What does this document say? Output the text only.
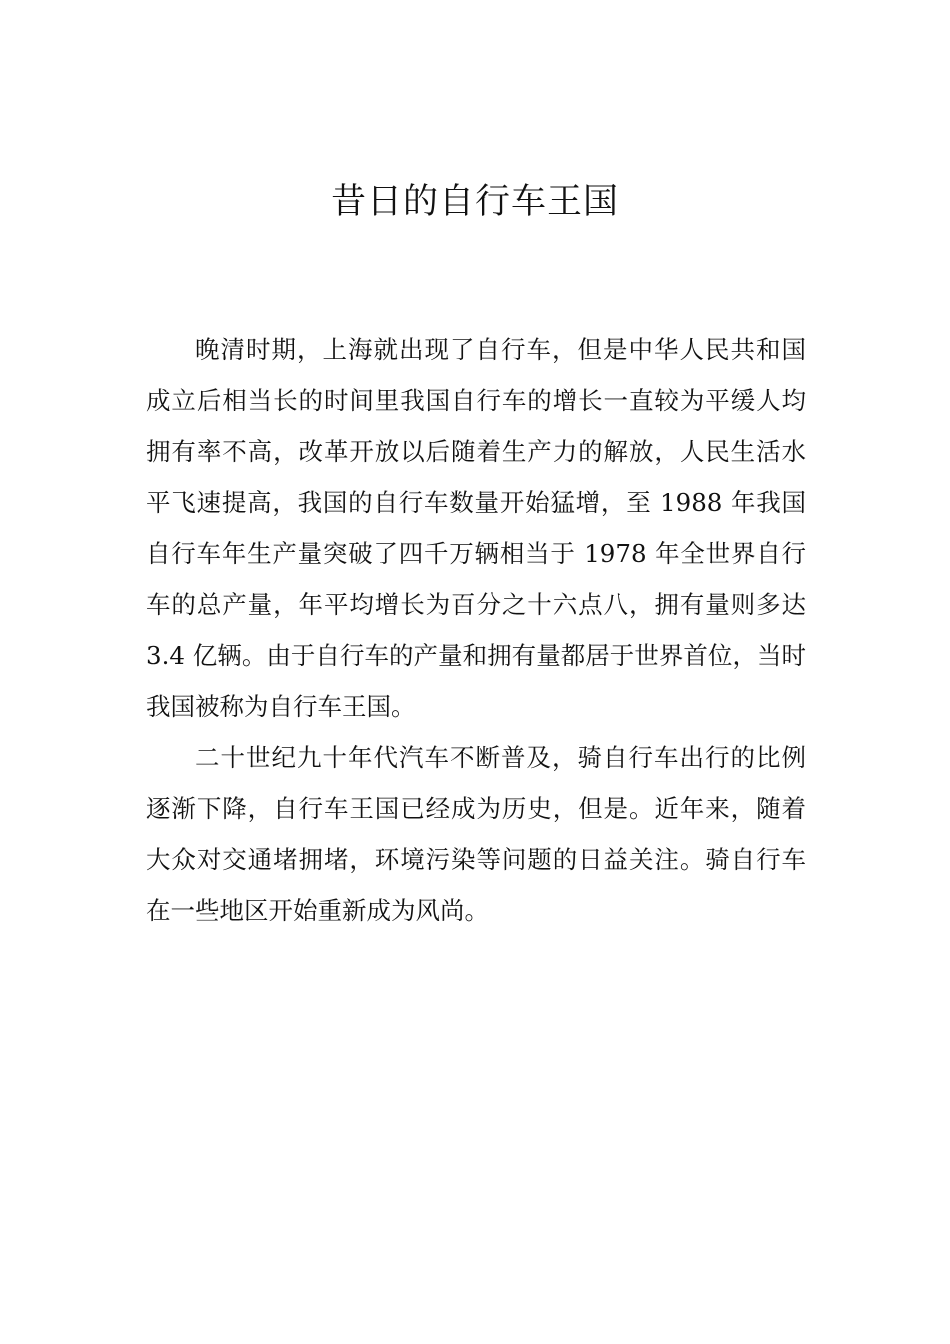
昔日的自行车王国

晚清时期，上海就出现了自行车，但是中华人民共和国成立后相当长的时间里我国自行车的增长一直较为平缓人均拥有率不高，改革开放以后随着生产力的解放，人民生活水平飞速提高，我国的自行车数量开始猛增，至 1988 年我国自行车年生产量突破了四千万辆相当于 1978 年全世界自行车的总产量，年平均增长为百分之十六点八，拥有量则多达 3.4 亿辆。由于自行车的产量和拥有量都居于世界首位，当时我国被称为自行车王国。

二十世纪九十年代汽车不断普及，骑自行车出行的比例逐渐下降，自行车王国已经成为历史，但是。近年来，随着大众对交通堵拥堵，环境污染等问题的日益关注。骑自行车在一些地区开始重新成为风尚。
